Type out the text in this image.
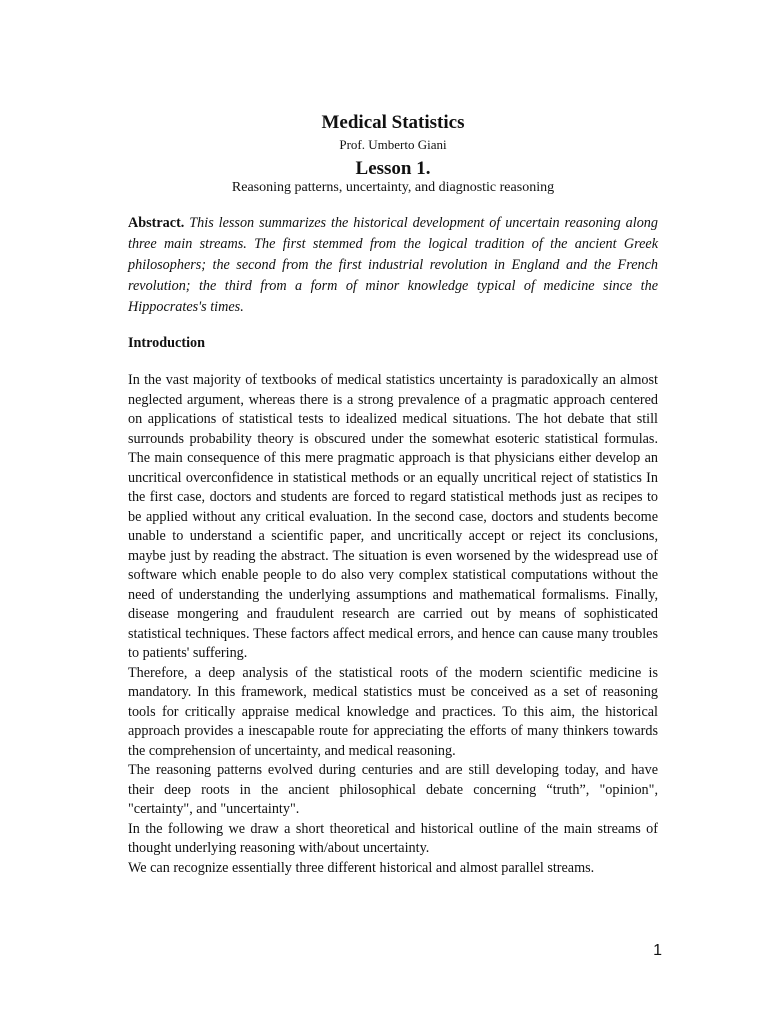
Medical Statistics
Prof. Umberto Giani
Lesson 1.
Reasoning patterns, uncertainty, and diagnostic reasoning

Abstract. This lesson summarizes the historical development of uncertain reasoning along three main streams. The first stemmed from the logical tradition of the ancient Greek philosophers; the second from the first industrial revolution in England and the French revolution; the third from a form of minor knowledge typical of medicine since the Hippocrates's times.

Introduction

In the vast majority of textbooks of medical statistics uncertainty is paradoxically an almost neglected argument, whereas there is a strong prevalence of a pragmatic approach centered on applications of statistical tests to idealized medical situations. The hot debate that still surrounds probability theory is obscured under the somewhat esoteric statistical formulas. The main consequence of this mere pragmatic approach is that physicians either develop an uncritical overconfidence in statistical methods or an equally uncritical reject of statistics In the first case, doctors and students are forced to regard statistical methods just as recipes to be applied without any critical evaluation. In the second case, doctors and students become unable to understand a scientific paper, and uncritically accept or reject its conclusions, maybe just by reading the abstract. The situation is even worsened by the widespread use of software which enable people to do also very complex statistical computations without the need of understanding the underlying assumptions and mathematical formalisms. Finally, disease mongering and fraudulent research are carried out by means of sophisticated statistical techniques. These factors affect medical errors, and hence can cause many troubles to patients' suffering.

Therefore, a deep analysis of the statistical roots of the modern scientific medicine is mandatory. In this framework, medical statistics must be conceived as a set of reasoning tools for critically appraise medical knowledge and practices. To this aim, the historical approach provides a inescapable route for appreciating the efforts of many thinkers towards the comprehension of uncertainty, and medical reasoning.

The reasoning patterns evolved during centuries and are still developing today, and have their deep roots in the ancient philosophical debate concerning “truth”, "opinion", "certainty", and "uncertainty".

In the following we draw a short theoretical and historical outline of the main streams of thought underlying reasoning with/about uncertainty.

We can recognize essentially three different historical and almost parallel streams.

1
